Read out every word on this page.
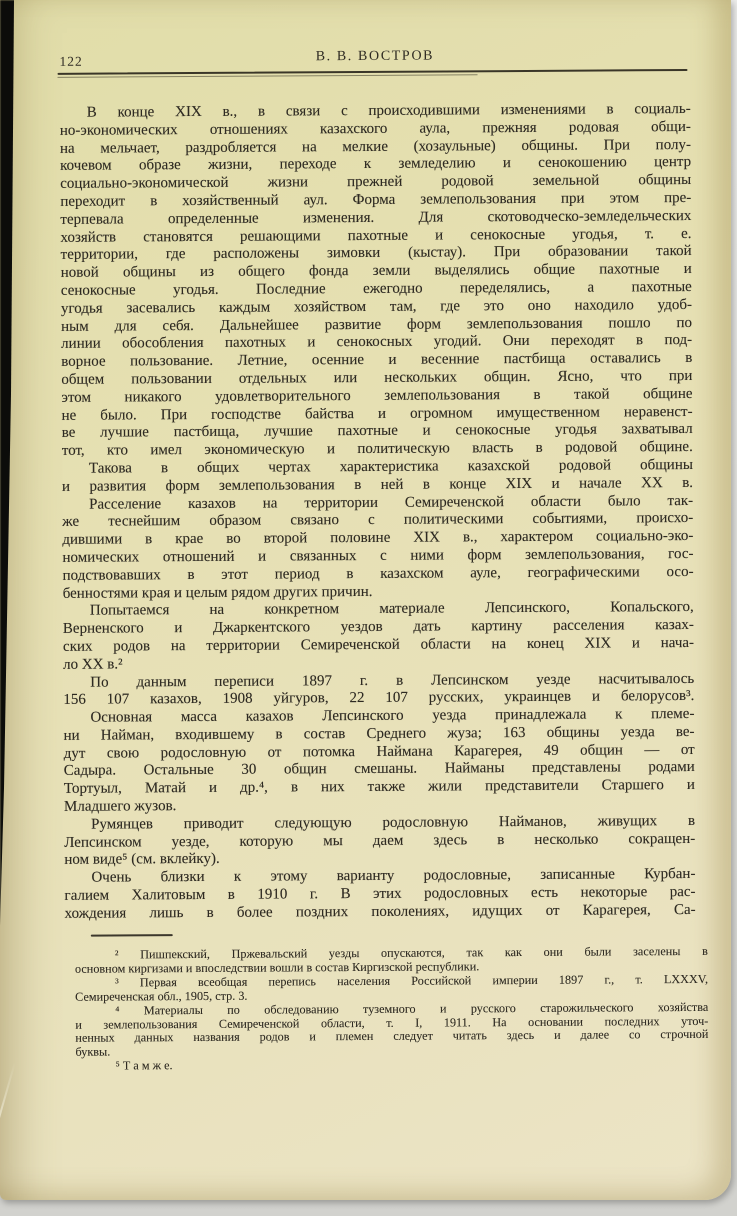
122	В. В. ВОСТРОВ
В конце XIX в., в связи с происходившими изменениями в социаль-
но-экономических отношениях казахского аула, прежняя родовая общи-
на мельчает, раздробляется на мелкие (хозаульные) общины. При полу-
кочевом образе жизни, переходе к земледелию и сенокошению центр
социально-экономической жизни прежней родовой земельной общины
переходит в хозяйственный аул. Форма землепользования при этом пре-
терпевала определенные изменения. Для скотоводческо-земледельческих
хозяйств становятся решающими пахотные и сенокосные угодья, т. е.
территории, где расположены зимовки (кыстау). При образовании такой
новой общины из общего фонда земли выделялись общие пахотные и
сенокосные угодья. Последние ежегодно переделялись, а пахотные
угодья засевались каждым хозяйством там, где это оно находило удоб-
ным для себя. Дальнейшее развитие форм землепользования пошло по
линии обособления пахотных и сенокосных угодий. Они переходят в под-
ворное пользование. Летние, осенние и весенние пастбища оставались в
общем пользовании отдельных или нескольких общин. Ясно, что при
этом никакого удовлетворительного землепользования в такой общине
не было. При господстве байства и огромном имущественном неравенст-
ве лучшие пастбища, лучшие пахотные и сенокосные угодья захватывал
тот, кто имел экономическую и политическую власть в родовой общине.
Такова в общих чертах характеристика казахской родовой общины
и развития форм землепользования в ней в конце XIX и начале XX в.
Расселение казахов на территории Семиреченской области было так-
же теснейшим образом связано с политическими событиями, происхо-
дившими в крае во второй половине XIX в., характером социально-эко-
номических отношений и связанных с ними форм землепользования, гос-
подствовавших в этот период в казахском ауле, географическими осо-
бенностями края и целым рядом других причин.
Попытаемся на конкретном материале Лепсинского, Копальского,
Верненского и Джаркентского уездов дать картину расселения казах-
ских родов на территории Семиреченской области на конец XIX и нача-
ло XX в.²
По данным переписи 1897 г. в Лепсинском уезде насчитывалось
156 107 казахов, 1908 уйгуров, 22 107 русских, украинцев и белорусов³.
Основная масса казахов Лепсинского уезда принадлежала к племе-
ни Найман, входившему в состав Среднего жуза; 163 общины уезда ве-
дут свою родословную от потомка Наймана Карагерея, 49 общин — от
Садыра. Остальные 30 общин смешаны. Найманы представлены родами
Тортуыл, Матай и др.⁴, в них также жили представители Старшего и
Младшего жузов.
Румянцев приводит следующую родословную Найманов, живущих в
Лепсинском уезде, которую мы даем здесь в несколько сокращен-
ном виде⁵ (см. вклейку).
Очень близки к этому варианту родословные, записанные Курбан-
галием Халитовым в 1910 г. В этих родословных есть некоторые рас-
хождения лишь в более поздних поколениях, идущих от Карагерея, Са-
² Пишпекский, Пржевальский уезды опускаются, так как они были заселены в
основном киргизами и впоследствии вошли в состав Киргизской республики.
³ Первая всеобщая перепись населения Российской империи 1897 г., т. LXXXV,
Семиреченская обл., 1905, стр. 3.
⁴ Материалы по обследованию туземного и русского старожильческого хозяйства
и землепользования Семиреченской области, т. I, 1911. На основании последних уточ-
ненных данных названия родов и племен следует читать здесь и далее со строчной
буквы.
⁵ Т а м ж е.
